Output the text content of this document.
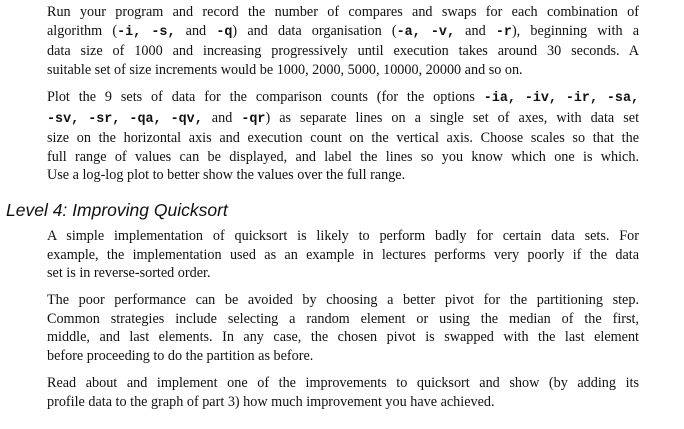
Run your program and record the number of compares and swaps for each combination of
algorithm (-i, -s, and -q) and data organisation (-a, -v, and -r), beginning with a
data size of 1000 and increasing progressively until execution takes around 30 seconds. A
suitable set of size increments would be 1000, 2000, 5000, 10000, 20000 and so on.
Plot the 9 sets of data for the comparison counts (for the options -ia, -iv, -ir, -sa,
-sv, -sr, -qa, -qv, and -qr) as separate lines on a single set of axes, with data set
size on the horizontal axis and execution count on the vertical axis. Choose scales so that the
full range of values can be displayed, and label the lines so you know which one is which.
Use a log-log plot to better show the values over the full range.
Level 4: Improving Quicksort
A simple implementation of quicksort is likely to perform badly for certain data sets. For
example, the implementation used as an example in lectures performs very poorly if the data
set is in reverse-sorted order.
The poor performance can be avoided by choosing a better pivot for the partitioning step.
Common strategies include selecting a random element or using the median of the first,
middle, and last elements. In any case, the chosen pivot is swapped with the last element
before proceeding to do the partition as before.
Read about and implement one of the improvements to quicksort and show (by adding its
profile data to the graph of part 3) how much improvement you have achieved.
